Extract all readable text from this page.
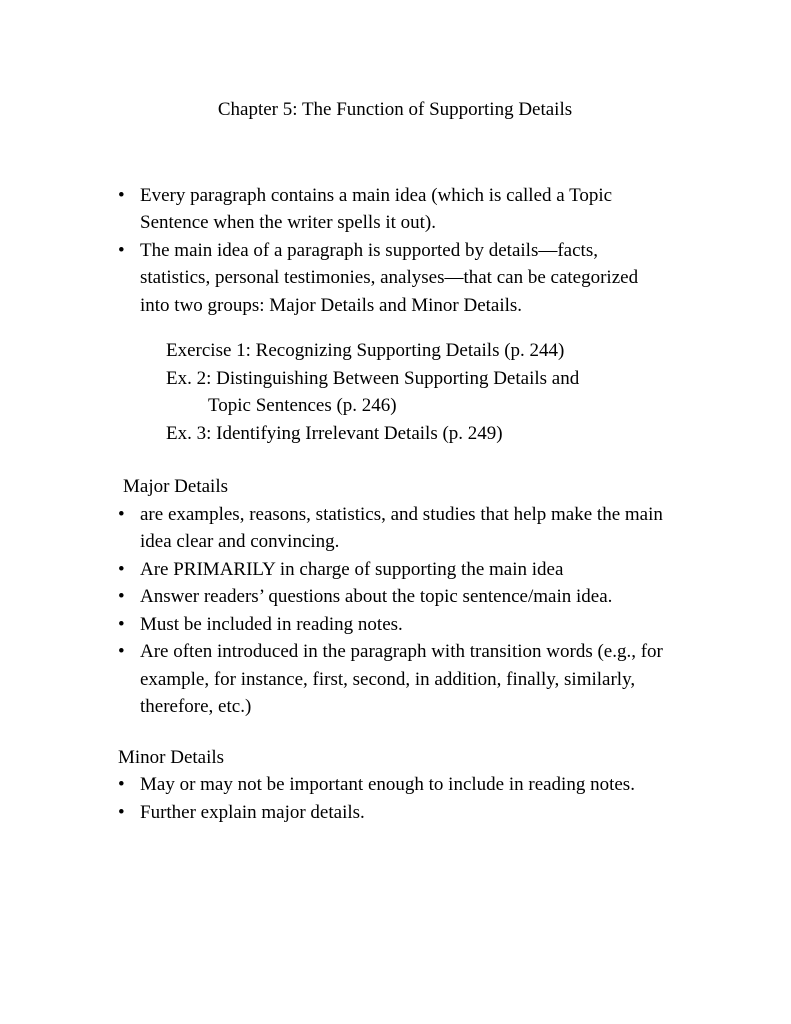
Chapter 5: The Function of Supporting Details
• Every paragraph contains a main idea (which is called a Topic Sentence when the writer spells it out).
• The main idea of a paragraph is supported by details—facts, statistics, personal testimonies, analyses—that can be categorized into two groups: Major Details and Minor Details.
Exercise 1: Recognizing Supporting Details (p. 244)
Ex. 2: Distinguishing Between Supporting Details and
Topic Sentences (p. 246)
Ex. 3: Identifying Irrelevant Details (p. 249)
Major Details
• are examples, reasons, statistics, and studies that help make the main idea clear and convincing.
• Are PRIMARILY in charge of supporting the main idea
• Answer readers’ questions about the topic sentence/main idea.
• Must be included in reading notes.
• Are often introduced in the paragraph with transition words (e.g., for example, for instance, first, second, in addition, finally, similarly, therefore, etc.)
Minor Details
• May or may not be important enough to include in reading notes.
• Further explain major details.
